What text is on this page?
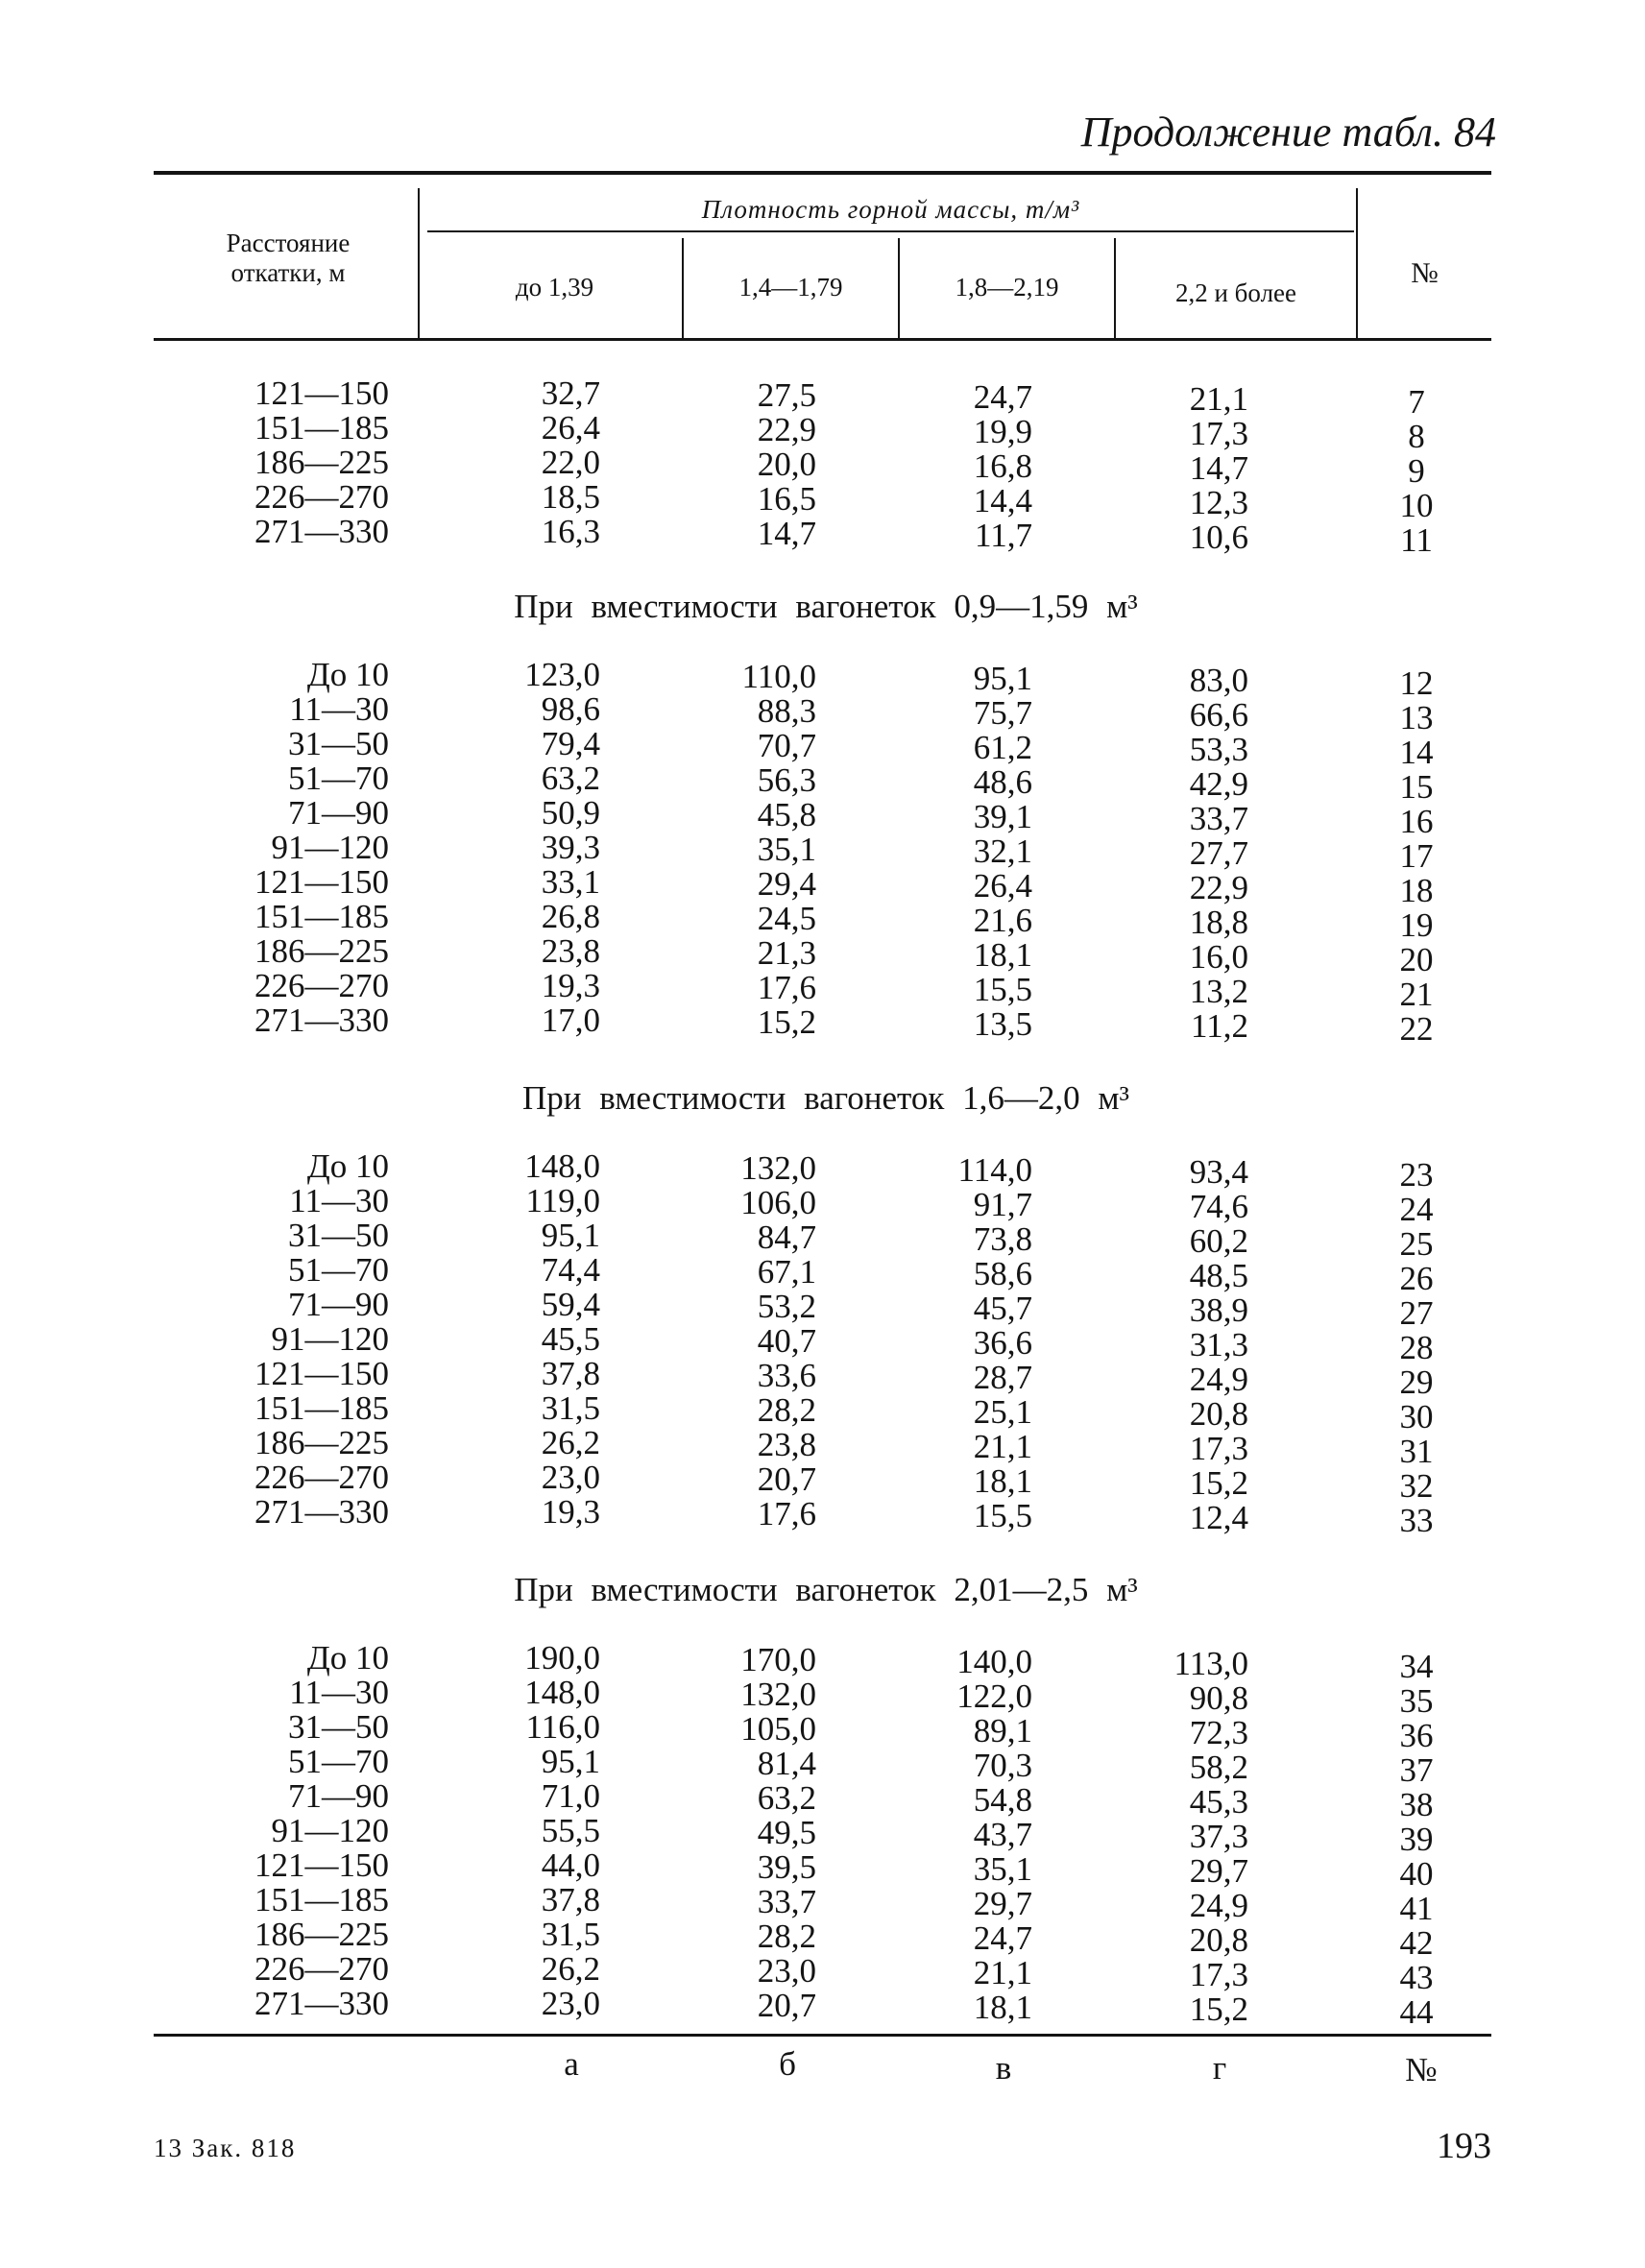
Продолжение табл. 84
Расстояние откатки, м
Плотность горной массы, т/м³
до 1,39	1,4—1,79	1,8—2,19	2,2 и более
№
121—150	32,7	27,5	24,7	21,1	7
151—185	26,4	22,9	19,9	17,3	8
186—225	22,0	20,0	16,8	14,7	9
226—270	18,5	16,5	14,4	12,3	10
271—330	16,3	14,7	11,7	10,6	11
При вместимости вагонеток 0,9—1,59 м³
До 10	123,0	110,0	95,1	83,0	12
11—30	98,6	88,3	75,7	66,6	13
31—50	79,4	70,7	61,2	53,3	14
51—70	63,2	56,3	48,6	42,9	15
71—90	50,9	45,8	39,1	33,7	16
91—120	39,3	35,1	32,1	27,7	17
121—150	33,1	29,4	26,4	22,9	18
151—185	26,8	24,5	21,6	18,8	19
186—225	23,8	21,3	18,1	16,0	20
226—270	19,3	17,6	15,5	13,2	21
271—330	17,0	15,2	13,5	11,2	22
При вместимости вагонеток 1,6—2,0 м³
До 10	148,0	132,0	114,0	93,4	23
11—30	119,0	106,0	91,7	74,6	24
31—50	95,1	84,7	73,8	60,2	25
51—70	74,4	67,1	58,6	48,5	26
71—90	59,4	53,2	45,7	38,9	27
91—120	45,5	40,7	36,6	31,3	28
121—150	37,8	33,6	28,7	24,9	29
151—185	31,5	28,2	25,1	20,8	30
186—225	26,2	23,8	21,1	17,3	31
226—270	23,0	20,7	18,1	15,2	32
271—330	19,3	17,6	15,5	12,4	33
При вместимости вагонеток 2,01—2,5 м³
До 10	190,0	170,0	140,0	113,0	34
11—30	148,0	132,0	122,0	90,8	35
31—50	116,0	105,0	89,1	72,3	36
51—70	95,1	81,4	70,3	58,2	37
71—90	71,0	63,2	54,8	45,3	38
91—120	55,5	49,5	43,7	37,3	39
121—150	44,0	39,5	35,1	29,7	40
151—185	37,8	33,7	29,7	24,9	41
186—225	31,5	28,2	24,7	20,8	42
226—270	26,2	23,0	21,1	17,3	43
271—330	23,0	20,7	18,1	15,2	44
а	б	в	г	№
13 Зак. 818	193
